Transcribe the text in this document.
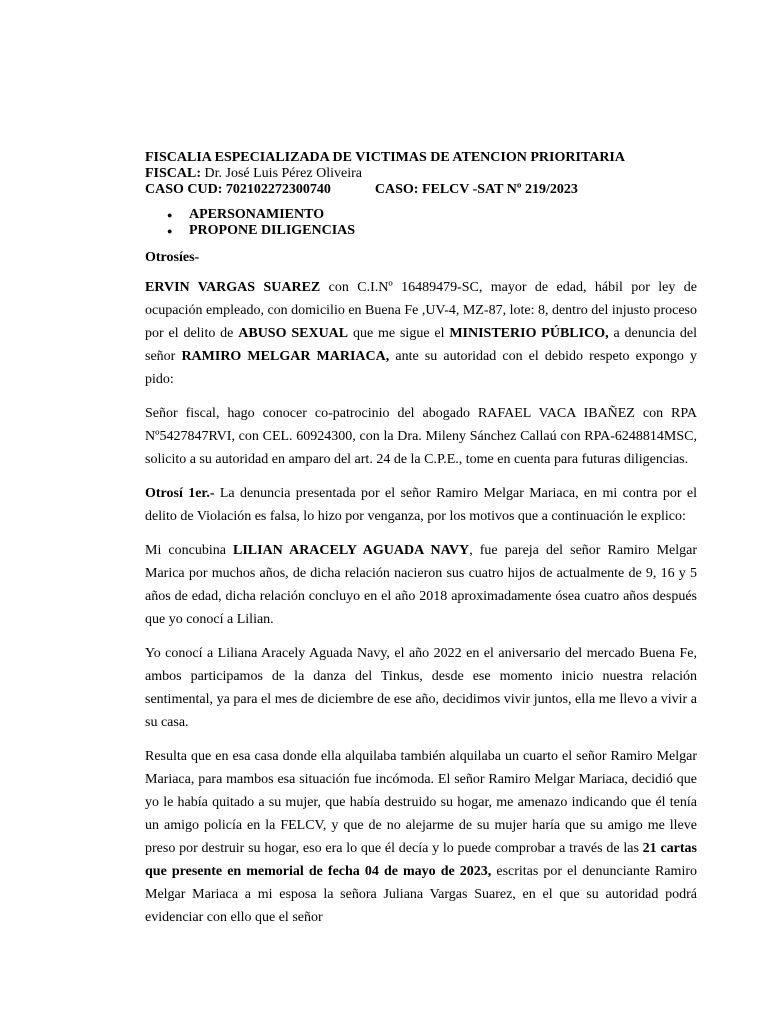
FISCALIA ESPECIALIZADA DE VICTIMAS DE ATENCION PRIORITARIA
FISCAL: Dr. José Luis Pérez Oliveira
CASO CUD: 702102272300740	CASO: FELCV -SAT Nº 219/2023
● APERSONAMIENTO
● PROPONE DILIGENCIAS
Otrosíes-

ERVIN VARGAS SUAREZ con C.I.Nº 16489479-SC, mayor de edad, hábil por ley de ocupación empleado, con domicilio en Buena Fe ,UV-4, MZ-87, lote: 8, dentro del injusto proceso por el delito de ABUSO SEXUAL que me sigue el MINISTERIO PÚBLICO, a denuncia del señor RAMIRO MELGAR MARIACA, ante su autoridad con el debido respeto expongo y pido:

Señor fiscal, hago conocer co-patrocinio del abogado RAFAEL VACA IBAÑEZ con RPA Nº5427847RVI, con CEL. 60924300, con la Dra. Mileny Sánchez Callaú con RPA-6248814MSC, solicito a su autoridad en amparo del art. 24 de la C.P.E., tome en cuenta para futuras diligencias.

Otrosí 1er.- La denuncia presentada por el señor Ramiro Melgar Mariaca, en mi contra por el delito de Violación es falsa, lo hizo por venganza, por los motivos que a continuación le explico:

Mi concubina LILIAN ARACELY AGUADA NAVY, fue pareja del señor Ramiro Melgar Marica por muchos años, de dicha relación nacieron sus cuatro hijos de actualmente de 9, 16 y 5 años de edad, dicha relación concluyo en el año 2018 aproximadamente ósea cuatro años después que yo conocí a Lilian.

Yo conocí a Liliana Aracely Aguada Navy, el año 2022 en el aniversario del mercado Buena Fe, ambos participamos de la danza del Tinkus, desde ese momento inicio nuestra relación sentimental, ya para el mes de diciembre de ese año, decidimos vivir juntos, ella me llevo a vivir a su casa.

Resulta que en esa casa donde ella alquilaba también alquilaba un cuarto el señor Ramiro Melgar Mariaca, para mambos esa situación fue incómoda. El señor Ramiro Melgar Mariaca, decidió que yo le había quitado a su mujer, que había destruido su hogar, me amenazo indicando que él tenía un amigo policía en la FELCV, y que de no alejarme de su mujer haría que su amigo me lleve preso por destruir su hogar, eso era lo que él decía y lo puede comprobar a través de las 21 cartas que presente en memorial de fecha 04 de mayo de 2023, escritas por el denunciante Ramiro Melgar Mariaca a mi esposa la señora Juliana Vargas Suarez, en el que su autoridad podrá evidenciar con ello que el señor
